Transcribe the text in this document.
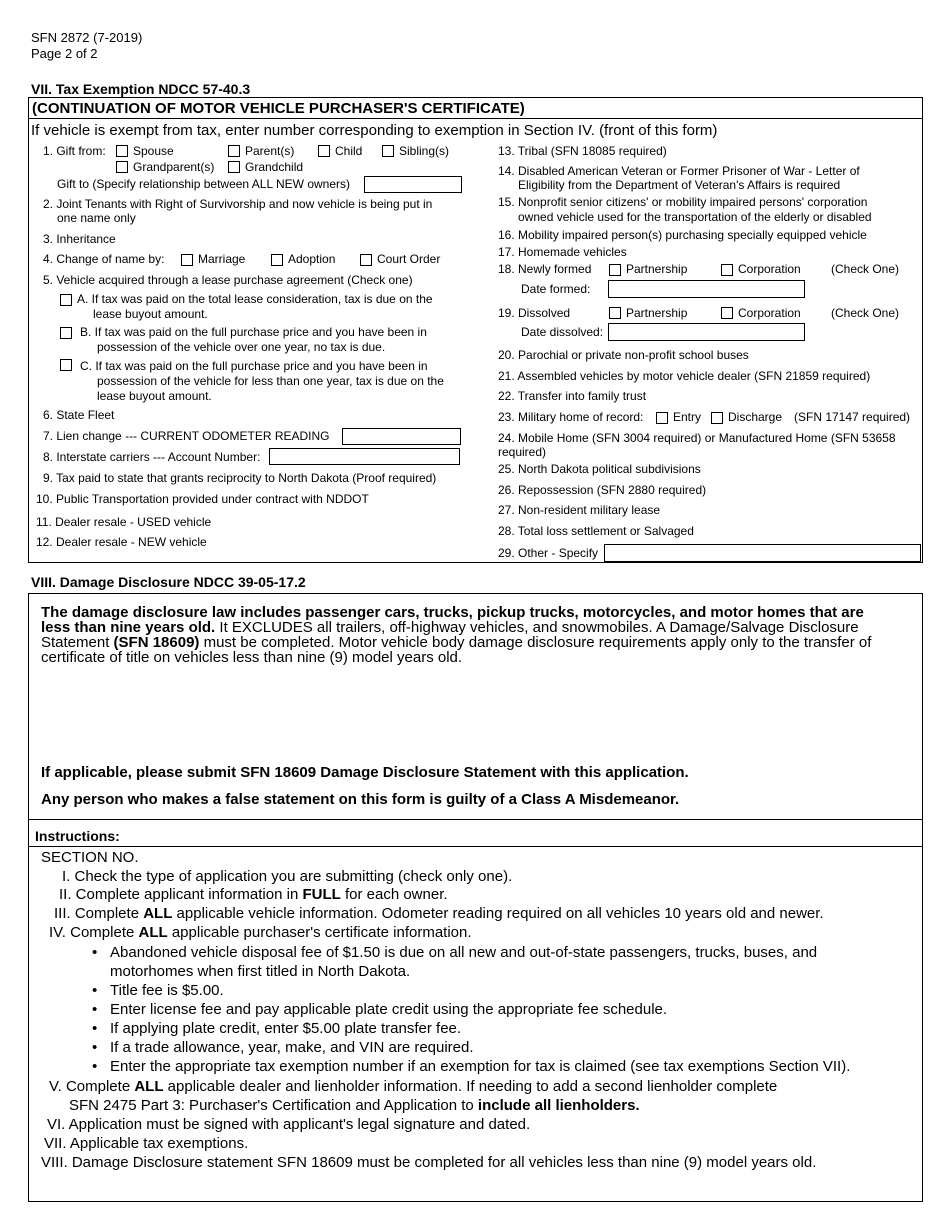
SFN 2872 (7-2019)
Page 2 of 2
VII. Tax Exemption NDCC 57-40.3
(CONTINUATION OF MOTOR VEHICLE PURCHASER'S CERTIFICATE)
If vehicle is exempt from tax, enter number corresponding to exemption in Section IV. (front of this form)
1. Gift from: Spouse	Parent(s)	Child	Sibling(s)
Grandparent(s)	Grandchild
Gift to (Specify relationship between ALL NEW owners)
2. Joint Tenants with Right of Survivorship and now vehicle is being put in
one name only
3. Inheritance
4. Change of name by:	Marriage	Adoption	Court Order
5. Vehicle acquired through a lease purchase agreement (Check one)
A. If tax was paid on the total lease consideration, tax is due on the
lease buyout amount.
B. If tax was paid on the full purchase price and you have been in
possession of the vehicle over one year, no tax is due.
C. If tax was paid on the full purchase price and you have been in
possession of the vehicle for less than one year, tax is due on the
lease buyout amount.
6. State Fleet
7. Lien change --- CURRENT ODOMETER READING
8. Interstate carriers --- Account Number:
9. Tax paid to state that grants reciprocity to North Dakota (Proof required)
10. Public Transportation provided under contract with NDDOT
11. Dealer resale - USED vehicle
12. Dealer resale - NEW vehicle
13. Tribal (SFN 18085 required)
14. Disabled American Veteran or Former Prisoner of War - Letter of
Eligibility from the Department of Veteran's Affairs is required
15. Nonprofit senior citizens' or mobility impaired persons' corporation
owned vehicle used for the transportation of the elderly or disabled
16. Mobility impaired person(s) purchasing specially equipped vehicle
17. Homemade vehicles
18. Newly formed	Partnership	Corporation	(Check One)
Date formed:
19. Dissolved	Partnership	Corporation	(Check One)
Date dissolved:
20. Parochial or private non-profit school buses
21. Assembled vehicles by motor vehicle dealer (SFN 21859 required)
22. Transfer into family trust
23. Military home of record: Entry Discharge (SFN 17147 required)
24. Mobile Home (SFN 3004 required) or Manufactured Home (SFN 53658
required)
25. North Dakota political subdivisions
26. Repossession (SFN 2880 required)
27. Non-resident military lease
28. Total loss settlement or Salvaged
29. Other - Specify
VIII. Damage Disclosure NDCC 39-05-17.2
The damage disclosure law includes passenger cars, trucks, pickup trucks, motorcycles, and motor homes that are
less than nine years old. It EXCLUDES all trailers, off-highway vehicles, and snowmobiles. A Damage/Salvage Disclosure
Statement (SFN 18609) must be completed. Motor vehicle body damage disclosure requirements apply only to the transfer of
certificate of title on vehicles less than nine (9) model years old.
If applicable, please submit SFN 18609 Damage Disclosure Statement with this application.
Any person who makes a false statement on this form is guilty of a Class A Misdemeanor.
Instructions:
SECTION NO.
I. Check the type of application you are submitting (check only one).
II. Complete applicant information in FULL for each owner.
III. Complete ALL applicable vehicle information. Odometer reading required on all vehicles 10 years old and newer.
IV. Complete ALL applicable purchaser's certificate information.
• Abandoned vehicle disposal fee of $1.50 is due on all new and out-of-state passengers, trucks, buses, and
motorhomes when first titled in North Dakota.
• Title fee is $5.00.
• Enter license fee and pay applicable plate credit using the appropriate fee schedule.
• If applying plate credit, enter $5.00 plate transfer fee.
• If a trade allowance, year, make, and VIN are required.
• Enter the appropriate tax exemption number if an exemption for tax is claimed (see tax exemptions Section VII).
V. Complete ALL applicable dealer and lienholder information. If needing to add a second lienholder complete
SFN 2475 Part 3: Purchaser's Certification and Application to include all lienholders.
VI. Application must be signed with applicant's legal signature and dated.
VII. Applicable tax exemptions.
VIII. Damage Disclosure statement SFN 18609 must be completed for all vehicles less than nine (9) model years old.
